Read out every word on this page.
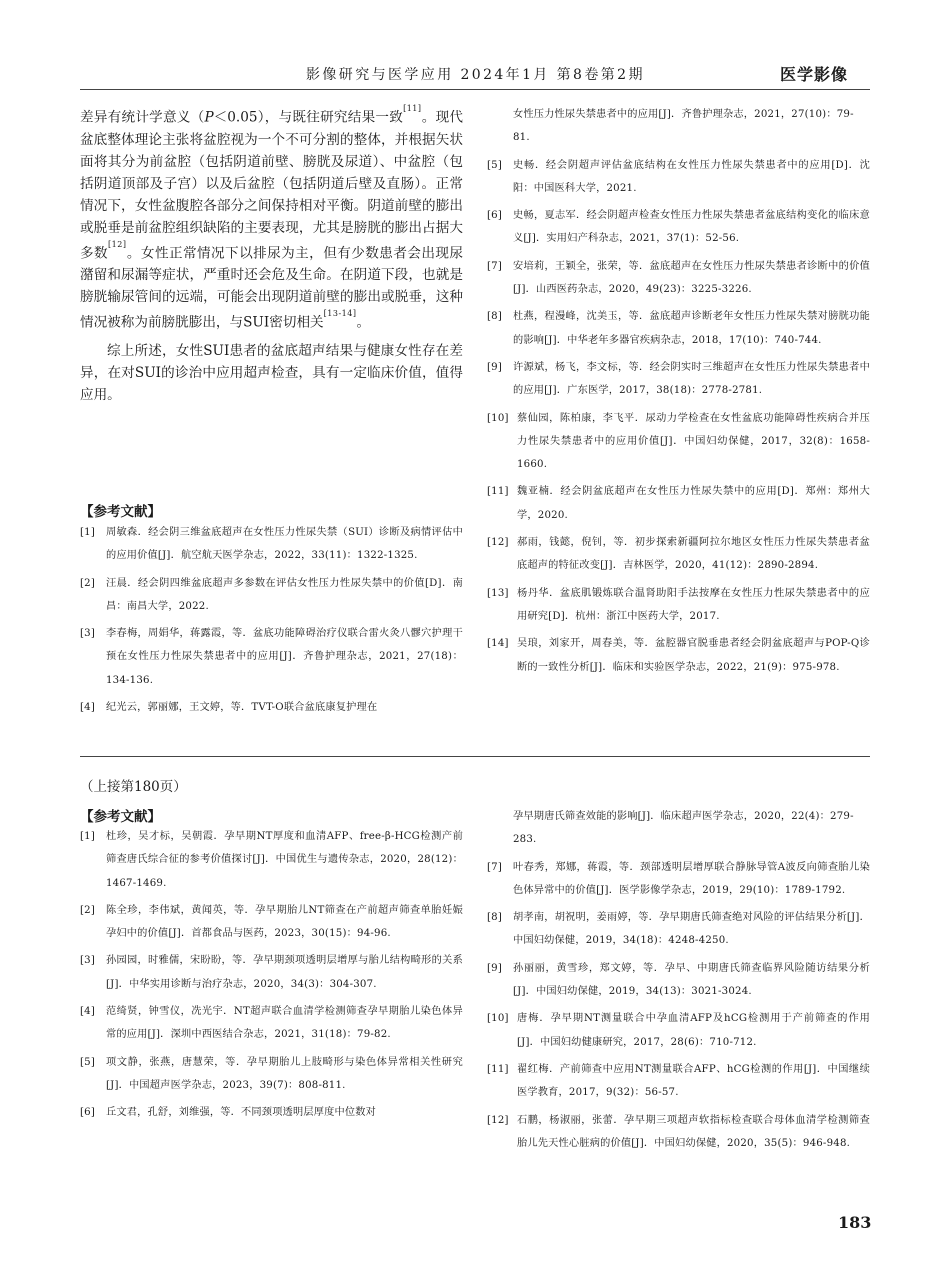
影像研究与医学应用 2024年1月 第8卷第2期	医学影像

差异有统计学意义（P＜0.05），与既往研究结果一致[11]。现代盆底整体理论主张将盆腔视为一个不可分割的整体，并根据矢状面将其分为前盆腔（包括阴道前壁、膀胱及尿道）、中盆腔（包括阴道顶部及子宫）以及后盆腔（包括阴道后壁及直肠）。正常情况下，女性盆腹腔各部分之间保持相对平衡。阴道前壁的膨出或脱垂是前盆腔组织缺陷的主要表现，尤其是膀胱的膨出占据大多数[12]。女性正常情况下以排尿为主，但有少数患者会出现尿潴留和尿漏等症状，严重时还会危及生命。在阴道下段，也就是膀胱输尿管间的远端，可能会出现阴道前壁的膨出或脱垂，这种情况被称为前膀胱膨出，与SUI密切相关[13-14]。

综上所述，女性SUI患者的盆底超声结果与健康女性存在差异，在对SUI的诊治中应用超声检查，具有一定临床价值，值得应用。

【参考文献】
[1] 周敏森．经会阴三维盆底超声在女性压力性尿失禁（SUI）诊断及病情评估中的应用价值[J]．航空航天医学杂志，2022，33(11)：1322-1325.
[2] 汪晨．经会阴四维盆底超声多参数在评估女性压力性尿失禁中的价值[D]．南昌：南昌大学，2022.
[3] 李春梅，周娟华，蒋露霞，等．盆底功能障碍治疗仪联合雷火灸八髎穴护理干预在女性压力性尿失禁患者中的应用[J]．齐鲁护理杂志，2021，27(18)：134-136.
[4] 纪光云，郭丽娜，王文婷，等．TVT-O联合盆底康复护理在
女性压力性尿失禁患者中的应用[J]．齐鲁护理杂志，2021，27(10)：79-81.
[5] 史畅．经会阴超声评估盆底结构在女性压力性尿失禁患者中的应用[D]．沈阳：中国医科大学，2021.
[6] 史畅，夏志军．经会阴超声检查女性压力性尿失禁患者盆底结构变化的临床意义[J]．实用妇产科杂志，2021，37(1)：52-56.
[7] 安培莉，王颖全，张荣，等．盆底超声在女性压力性尿失禁患者诊断中的价值[J]．山西医药杂志，2020，49(23)：3225-3226.
[8] 杜燕，程漫峰，沈美玉，等．盆底超声诊断老年女性压力性尿失禁对膀胱功能的影响[J]．中华老年多器官疾病杂志，2018，17(10)：740-744.
[9] 许源斌，杨飞，李文标，等．经会阴实时三维超声在女性压力性尿失禁患者中的应用[J]．广东医学，2017，38(18)：2778-2781.
[10] 蔡仙园，陈柏康，李飞平．尿动力学检查在女性盆底功能障碍性疾病合并压力性尿失禁患者中的应用价值[J]．中国妇幼保健，2017，32(8)：1658-1660.
[11] 魏亚楠．经会阴盆底超声在女性压力性尿失禁中的应用[D]．郑州：郑州大学，2020.
[12] 郝雨，钱懿，倪钊，等．初步探索新疆阿拉尔地区女性压力性尿失禁患者盆底超声的特征改变[J]．吉林医学，2020，41(12)：2890-2894.
[13] 杨丹华．盆底肌锻炼联合温肾助阳手法按摩在女性压力性尿失禁患者中的应用研究[D]．杭州：浙江中医药大学，2017.
[14] 吴琅，刘家开，周春美，等．盆腔器官脱垂患者经会阴盆底超声与POP-Q诊断的一致性分析[J]．临床和实验医学杂志，2022，21(9)：975-978.
（上接第180页）
【参考文献】
[1] 杜珍，吴才标，吴朝霞．孕早期NT厚度和血清AFP、free-β-HCG检测产前筛查唐氏综合征的参考价值探讨[J]．中国优生与遗传杂志，2020，28(12)：1467-1469.
[2] 陈全珍，李伟斌，黄闻英，等．孕早期胎儿NT筛查在产前超声筛查单胎妊娠孕妇中的价值[J]．首都食品与医药，2023，30(15)：94-96.
[3] 孙园园，时雅儒，宋盼盼，等．孕早期颈项透明层增厚与胎儿结构畸形的关系[J]．中华实用诊断与治疗杂志，2020，34(3)：304-307.
[4] 范绮贤，钟雪仪，冼光宇．NT超声联合血清学检测筛查孕早期胎儿染色体异常的应用[J]．深圳中西医结合杂志，2021，31(18)：79-82.
[5] 项文静，张燕，唐慧荣，等．孕早期胎儿上肢畸形与染色体异常相关性研究[J]．中国超声医学杂志，2023，39(7)：808-811.
[6] 丘文君，孔舒，刘维强，等．不同颈项透明层厚度中位数对
孕早期唐氏筛查效能的影响[J]．临床超声医学杂志，2020，22(4)：279-283.
[7] 叶春秀，郑娜，蒋霞，等．颈部透明层增厚联合静脉导管A波反向筛查胎儿染色体异常中的价值[J]．医学影像学杂志，2019，29(10)：1789-1792.
[8] 胡孝南，胡祝明，姜雨婷，等．孕早期唐氏筛查绝对风险的评估结果分析[J]．中国妇幼保健，2019，34(18)：4248-4250.
[9] 孙丽丽，黄雪珍，郑文婷，等．孕早、中期唐氏筛查临界风险随访结果分析[J]．中国妇幼保健，2019，34(13)：3021-3024.
[10] 唐梅．孕早期NT测量联合中孕血清AFP及hCG检测用于产前筛查的作用[J]．中国妇幼健康研究，2017，28(6)：710-712.
[11] 翟红梅．产前筛查中应用NT测量联合AFP、hCG检测的作用[J]．中国继续医学教育，2017，9(32)：56-57.
[12] 石鹏，杨淑丽，张蕾．孕早期三项超声软指标检查联合母体血清学检测筛查胎儿先天性心脏病的价值[J]．中国妇幼保健，2020，35(5)：946-948.
183
